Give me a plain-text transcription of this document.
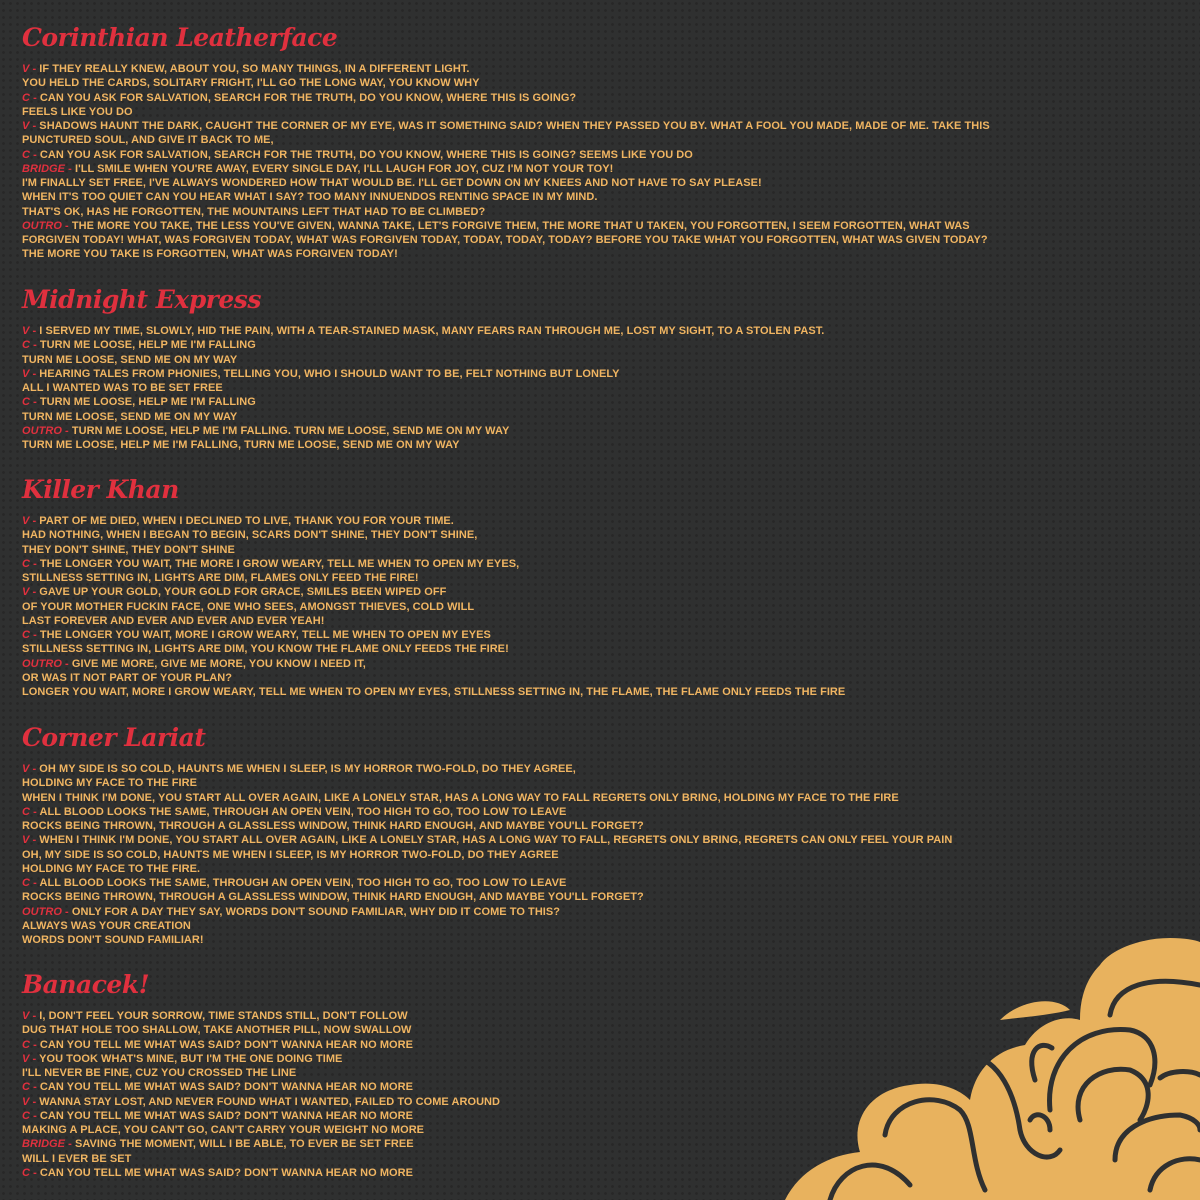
Corinthian Leatherface
V - IF THEY REALLY KNEW, ABOUT YOU, SO MANY THINGS, IN A DIFFERENT LIGHT.
YOU HELD THE CARDS, SOLITARY FRIGHT, I'LL GO THE LONG WAY, YOU KNOW WHY
C - CAN YOU ASK FOR SALVATION, SEARCH FOR THE TRUTH, DO YOU KNOW, WHERE THIS IS GOING?
FEELS LIKE YOU DO
V - SHADOWS HAUNT THE DARK, CAUGHT THE CORNER OF MY EYE, WAS IT SOMETHING SAID? WHEN THEY PASSED YOU BY. WHAT A FOOL YOU MADE, MADE OF ME. TAKE THIS
PUNCTURED SOUL, AND GIVE IT BACK TO ME,
C - CAN YOU ASK FOR SALVATION, SEARCH FOR THE TRUTH, DO YOU KNOW, WHERE THIS IS GOING? SEEMS LIKE YOU DO
BRIDGE - I'LL SMILE WHEN YOU'RE AWAY, EVERY SINGLE DAY, I'LL LAUGH FOR JOY, CUZ I'M NOT YOUR TOY!
I'M FINALLY SET FREE, I'VE ALWAYS WONDERED HOW THAT WOULD BE. I'LL GET DOWN ON MY KNEES AND NOT HAVE TO SAY PLEASE!
WHEN IT'S TOO QUIET CAN YOU HEAR WHAT I SAY? TOO MANY INNUENDOS RENTING SPACE IN MY MIND.
THAT'S OK, HAS HE FORGOTTEN, THE MOUNTAINS LEFT THAT HAD TO BE CLIMBED?
OUTRO - THE MORE YOU TAKE, THE LESS YOU'VE GIVEN, WANNA TAKE, LET'S FORGIVE THEM, THE MORE THAT U TAKEN, YOU FORGOTTEN, I SEEM FORGOTTEN, WHAT WAS
FORGIVEN TODAY! WHAT, WAS FORGIVEN TODAY, WHAT WAS FORGIVEN TODAY, TODAY, TODAY, TODAY? BEFORE YOU TAKE WHAT YOU FORGOTTEN, WHAT WAS GIVEN TODAY?
THE MORE YOU TAKE IS FORGOTTEN, WHAT WAS FORGIVEN TODAY!
Midnight Express
V - I SERVED MY TIME, SLOWLY, HID THE PAIN, WITH A TEAR-STAINED MASK, MANY FEARS RAN THROUGH ME, LOST MY SIGHT, TO A STOLEN PAST.
C - TURN ME LOOSE, HELP ME I'M FALLING
TURN ME LOOSE, SEND ME ON MY WAY
V - HEARING TALES FROM PHONIES, TELLING YOU, WHO I SHOULD WANT TO BE, FELT NOTHING BUT LONELY
ALL I WANTED WAS TO BE SET FREE
C - TURN ME LOOSE, HELP ME I'M FALLING
TURN ME LOOSE, SEND ME ON MY WAY
OUTRO - TURN ME LOOSE, HELP ME I'M FALLING. TURN ME LOOSE, SEND ME ON MY WAY
TURN ME LOOSE, HELP ME I'M FALLING, TURN ME LOOSE, SEND ME ON MY WAY
Killer Khan
V - PART OF ME DIED, WHEN I DECLINED TO LIVE, THANK YOU FOR YOUR TIME.
HAD NOTHING, WHEN I BEGAN TO BEGIN, SCARS DON'T SHINE, THEY DON'T SHINE,
THEY DON'T SHINE, THEY DON'T SHINE
C - THE LONGER YOU WAIT, THE MORE I GROW WEARY, TELL ME WHEN TO OPEN MY EYES,
STILLNESS SETTING IN, LIGHTS ARE DIM, FLAMES ONLY FEED THE FIRE!
V - GAVE UP YOUR GOLD, YOUR GOLD FOR GRACE, SMILES BEEN WIPED OFF
OF YOUR MOTHER FUCKIN FACE, ONE WHO SEES, AMONGST THIEVES, COLD WILL
LAST FOREVER AND EVER AND EVER AND EVER YEAH!
C - THE LONGER YOU WAIT, MORE I GROW WEARY, TELL ME WHEN TO OPEN MY EYES
STILLNESS SETTING IN, LIGHTS ARE DIM, YOU KNOW THE FLAME ONLY FEEDS THE FIRE!
OUTRO - GIVE ME MORE, GIVE ME MORE, YOU KNOW I NEED IT,
OR WAS IT NOT PART OF YOUR PLAN?
LONGER YOU WAIT, MORE I GROW WEARY, TELL ME WHEN TO OPEN MY EYES, STILLNESS SETTING IN, THE FLAME, THE FLAME ONLY FEEDS THE FIRE
Corner Lariat
V - OH MY SIDE IS SO COLD, HAUNTS ME WHEN I SLEEP, IS MY HORROR TWO-FOLD, DO THEY AGREE,
HOLDING MY FACE TO THE FIRE
WHEN I THINK I'M DONE, YOU START ALL OVER AGAIN, LIKE A LONELY STAR, HAS A LONG WAY TO FALL REGRETS ONLY BRING, HOLDING MY FACE TO THE FIRE
C - ALL BLOOD LOOKS THE SAME, THROUGH AN OPEN VEIN, TOO HIGH TO GO, TOO LOW TO LEAVE
ROCKS BEING THROWN, THROUGH A GLASSLESS WINDOW, THINK HARD ENOUGH, AND MAYBE YOU'LL FORGET?
V - WHEN I THINK I'M DONE, YOU START ALL OVER AGAIN, LIKE A LONELY STAR, HAS A LONG WAY TO FALL, REGRETS ONLY BRING, REGRETS CAN ONLY FEEL YOUR PAIN
OH, MY SIDE IS SO COLD, HAUNTS ME WHEN I SLEEP, IS MY HORROR TWO-FOLD, DO THEY AGREE
HOLDING MY FACE TO THE FIRE.
C - ALL BLOOD LOOKS THE SAME, THROUGH AN OPEN VEIN, TOO HIGH TO GO, TOO LOW TO LEAVE
ROCKS BEING THROWN, THROUGH A GLASSLESS WINDOW, THINK HARD ENOUGH, AND MAYBE YOU'LL FORGET?
OUTRO - ONLY FOR A DAY THEY SAY, WORDS DON'T SOUND FAMILIAR, WHY DID IT COME TO THIS?
ALWAYS WAS YOUR CREATION
WORDS DON'T SOUND FAMILIAR!
Banacek!
V - I, DON'T FEEL YOUR SORROW, TIME STANDS STILL, DON'T FOLLOW
DUG THAT HOLE TOO SHALLOW, TAKE ANOTHER PILL, NOW SWALLOW
C - CAN YOU TELL ME WHAT WAS SAID? DON'T WANNA HEAR NO MORE
V - YOU TOOK WHAT'S MINE, BUT I'M THE ONE DOING TIME
I'LL NEVER BE FINE, CUZ YOU CROSSED THE LINE
C - CAN YOU TELL ME WHAT WAS SAID? DON'T WANNA HEAR NO MORE
V - WANNA STAY LOST, AND NEVER FOUND WHAT I WANTED, FAILED TO COME AROUND
C - CAN YOU TELL ME WHAT WAS SAID? DON'T WANNA HEAR NO MORE
MAKING A PLACE, YOU CAN'T GO, CAN'T CARRY YOUR WEIGHT NO MORE
BRIDGE - SAVING THE MOMENT, WILL I BE ABLE, TO EVER BE SET FREE
WILL I EVER BE SET
C - CAN YOU TELL ME WHAT WAS SAID? DON'T WANNA HEAR NO MORE
